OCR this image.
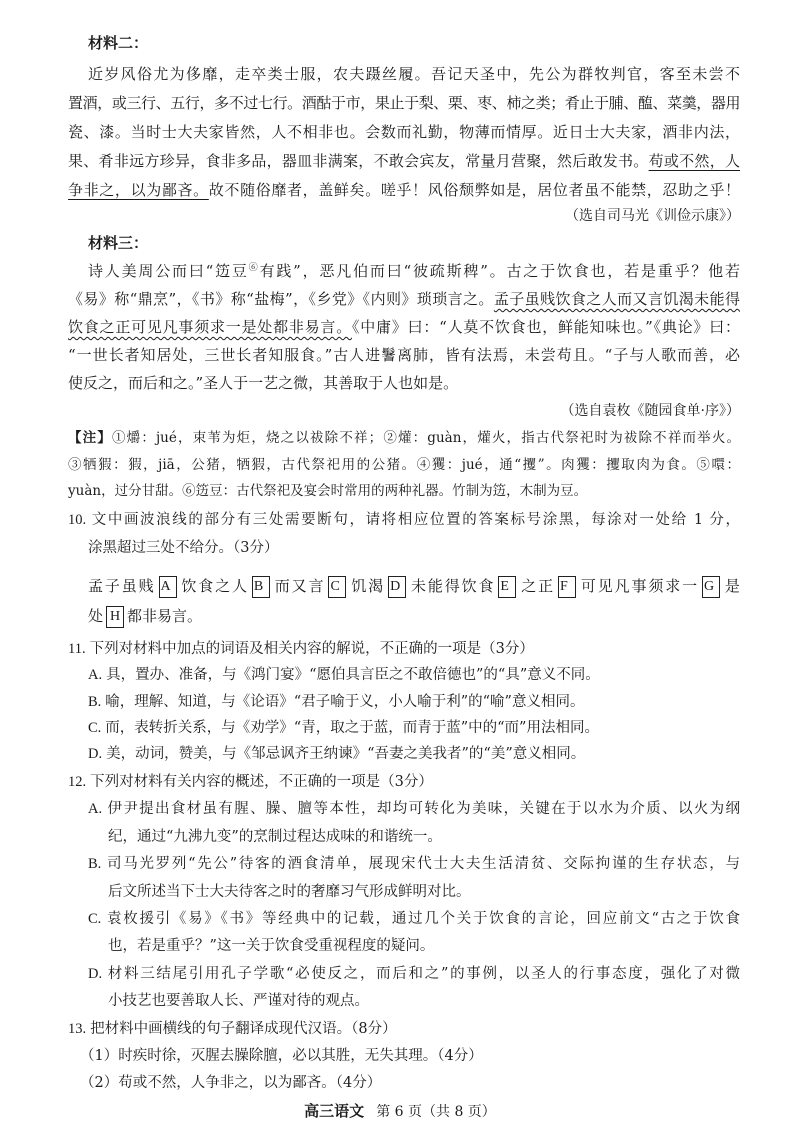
材料二：
近岁风俗尤为侈靡，走卒类士服，农夫蹑丝履。吾记天圣中，先公为群牧判官，客至未尝不
置酒，或三行、五行，多不过七行。酒酤于市，果止于梨、栗、枣、柿之类；肴止于脯、醢、菜羹，器用
瓷、漆。当时士大夫家皆然，人不相非也。会数而礼勤，物薄而情厚。近日士大夫家，酒非内法，
果、肴非远方珍异，食非多品，器皿非满案，不敢会宾友，常量月营聚，然后敢发书。苟或不然，人
争非之，以为鄙吝。故不随俗靡者，盖鲜矣。嗟乎！风俗颓弊如是，居位者虽不能禁，忍助之乎！
（选自司马光《训俭示康》）
材料三：
诗人美周公而曰“笾豆⑥有践”，恶凡伯而曰“彼疏斯稗”。古之于饮食也，若是重乎？他若
《易》称“鼎烹”，《书》称“盐梅”，《乡党》《内则》琐琐言之。孟子虽贱饮食之人而又言饥渴未能得
饮食之正可见凡事须求一是处都非易言。《中庸》曰：“人莫不饮食也，鲜能知味也。”《典论》曰：
“一世长者知居处，三世长者知服食。”古人进鬐离肺，皆有法焉，未尝苟且。“子与人歌而善，必
使反之，而后和之。”圣人于一艺之微，其善取于人也如是。
（选自袁枚《随园食单·序》）
【注】①爝：jué，束苇为炬，烧之以祓除不祥；②爟：guàn，爟火，指古代祭祀时为祓除不祥而举火。
③牺猳：猳，jiā，公猪，牺猳，古代祭祀用的公猪。④玃：jué，通“攫”。肉玃：攫取肉为食。⑤噮：
yuàn，过分甘甜。⑥笾豆：古代祭祀及宴会时常用的两种礼器。竹制为笾，木制为豆。
10. 文中画波浪线的部分有三处需要断句，请将相应位置的答案标号涂黑，每涂对一处给 1 分，
涂黑超过三处不给分。（3分）
孟子虽贱 A 饮食之人 B 而又言 C 饥渴 D 未能得饮食 E 之正 F 可见凡事须求一 G 是
处 H 都非易言。
11. 下列对材料中加点的词语及相关内容的解说，不正确的一项是（3分）
A. 具，置办、准备，与《鸿门宴》“愿伯具言臣之不敢倍德也”的“具”意义不同。
B. 喻，理解、知道，与《论语》“君子喻于义，小人喻于利”的“喻”意义相同。
C. 而，表转折关系，与《劝学》“青，取之于蓝，而青于蓝”中的“而”用法相同。
D. 美，动词，赞美，与《邹忌讽齐王纳谏》“吾妻之美我者”的“美”意义相同。
12. 下列对材料有关内容的概述，不正确的一项是（3分）
A. 伊尹提出食材虽有腥、臊、膻等本性，却均可转化为美味，关键在于以水为介质、以火为纲
纪，通过“九沸九变”的烹制过程达成味的和谐统一。
B. 司马光罗列“先公”待客的酒食清单，展现宋代士大夫生活清贫、交际拘谨的生存状态，与
后文所述当下士大夫待客之时的奢靡习气形成鲜明对比。
C. 袁枚援引《易》《书》等经典中的记载，通过几个关于饮食的言论，回应前文“古之于饮食
也，若是重乎？”这一关于饮食受重视程度的疑问。
D. 材料三结尾引用孔子学歌“必使反之，而后和之”的事例，以圣人的行事态度，强化了对微
小技艺也要善取人长、严谨对待的观点。
13. 把材料中画横线的句子翻译成现代汉语。（8分）
（1）时疾时徐，灭腥去臊除膻，必以其胜，无失其理。（4分）
（2）苟或不然，人争非之，以为鄙吝。（4分）
高三语文 第 6 页（共 8 页）
